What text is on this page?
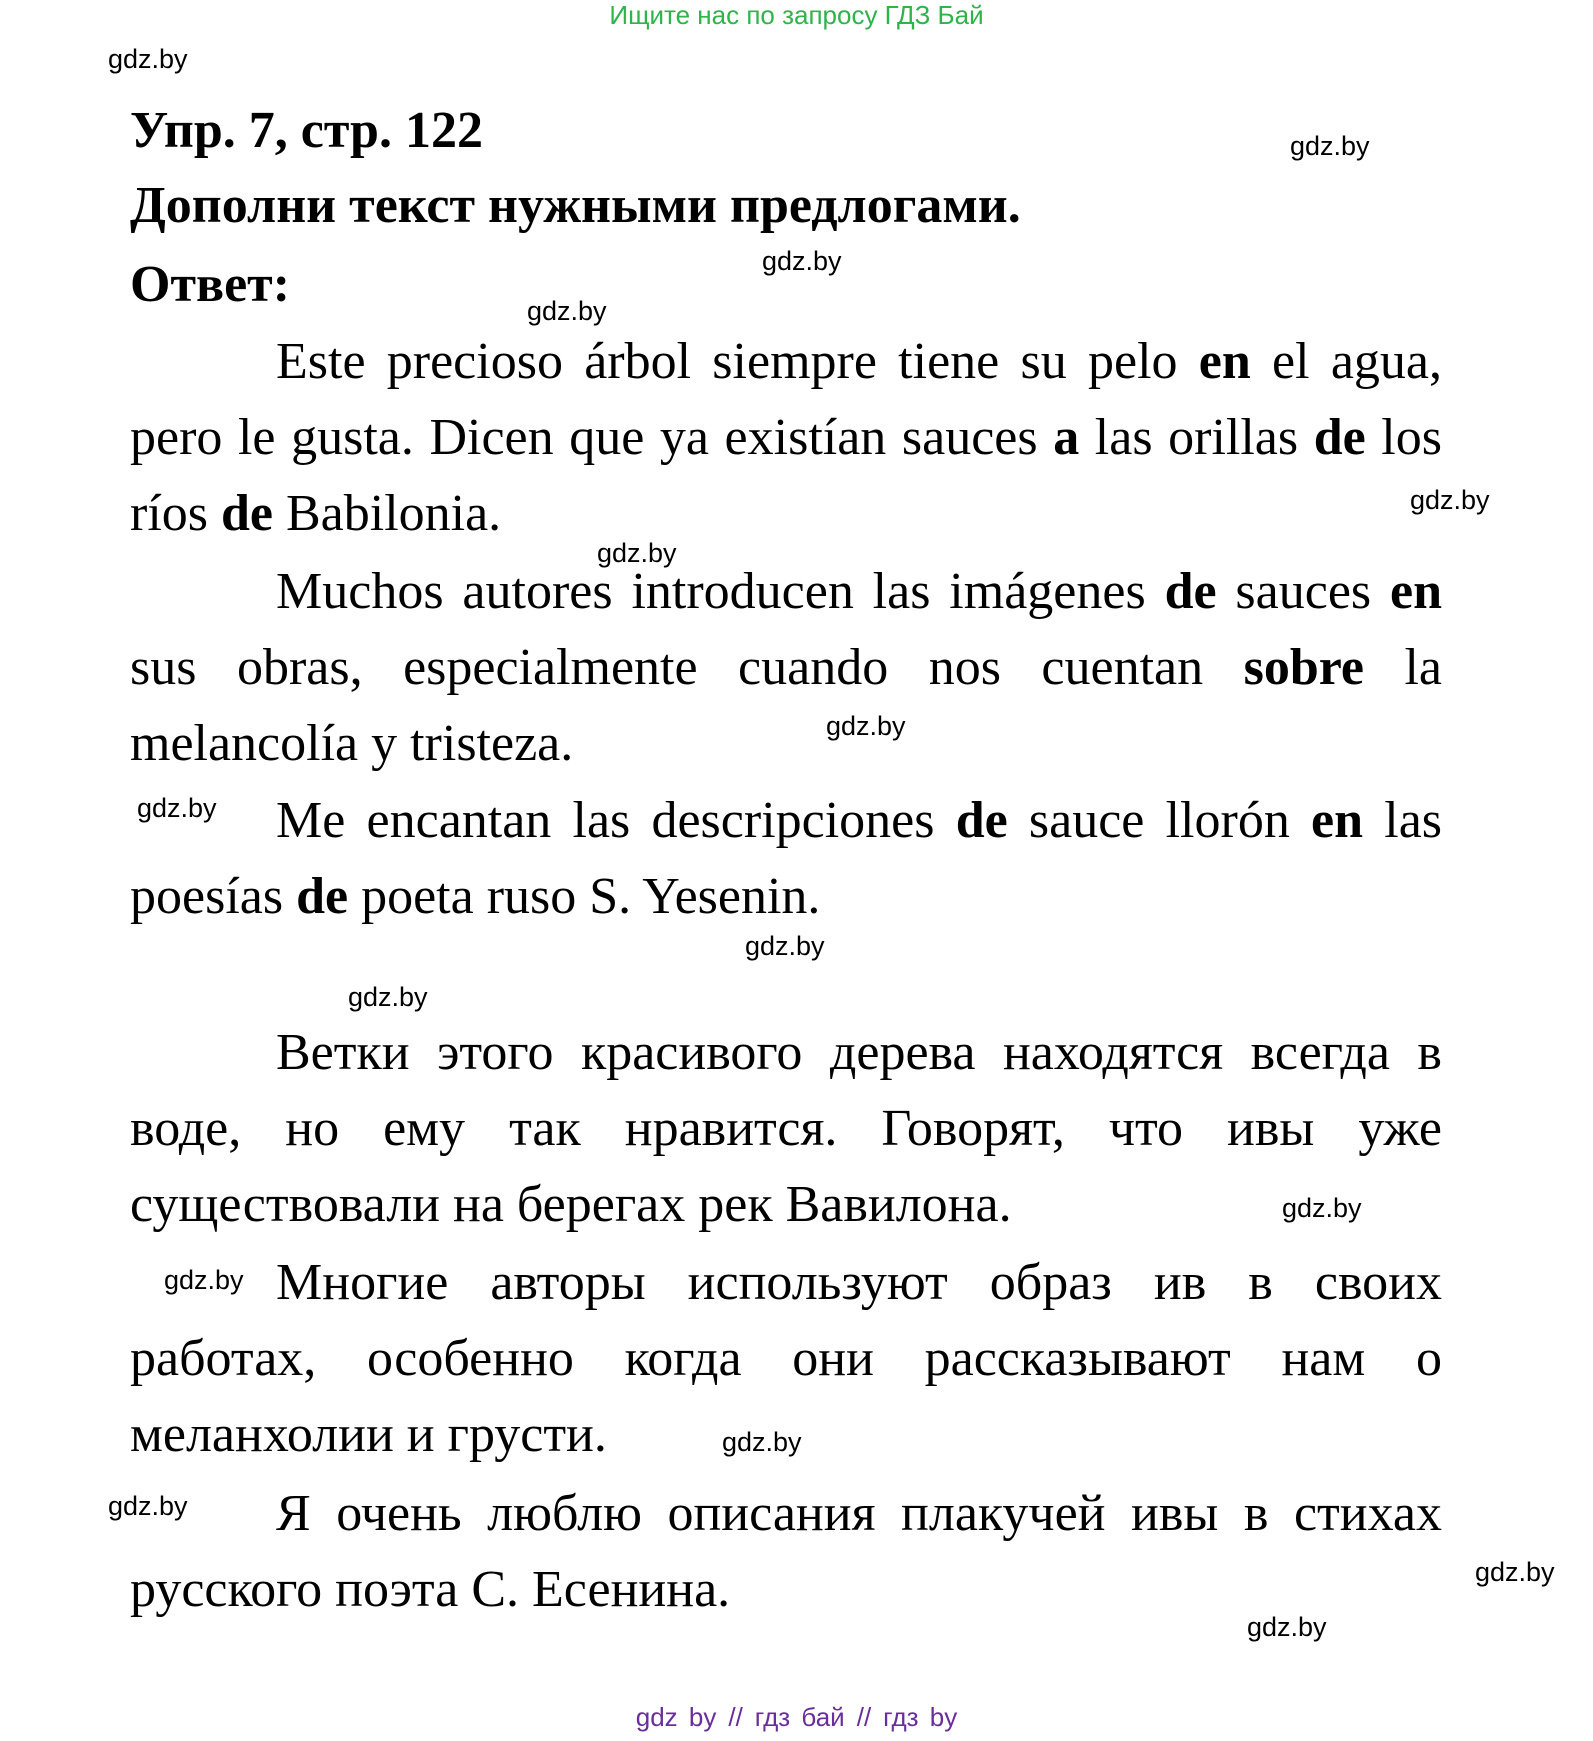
Ищите нас по запросу ГДЗ Бай
gdz.by
gdz.by
gdz.by
gdz.by
gdz.by
gdz.by
gdz.by
gdz.by
gdz.by
gdz.by
gdz.by
gdz.by
gdz.by
gdz.by
gdz.by
gdz.by
Упр. 7, стр. 122
Дополни текст нужными предлогами.
Ответ:

Este precioso árbol siempre tiene su pelo en el agua, pero le gusta. Dicen que ya existían sauces a las orillas de los ríos de Babilonia.

Muchos autores introducen las imágenes de sauces en sus obras, especialmente cuando nos cuentan sobre la melancolía y tristeza.

Me encantan las descripciones de sauce llorón en las poesías de poeta ruso S. Yesenin.

Ветки этого красивого дерева находятся всегда в воде, но ему так нравится. Говорят, что ивы уже существовали на берегах рек Вавилона.

Многие авторы используют образ ив в своих работах, особенно когда они рассказывают нам о меланхолии и грусти.

Я очень люблю описания плакучей ивы в стихах русского поэта С. Есенина.

gdz by // гдз бай // гдз by
